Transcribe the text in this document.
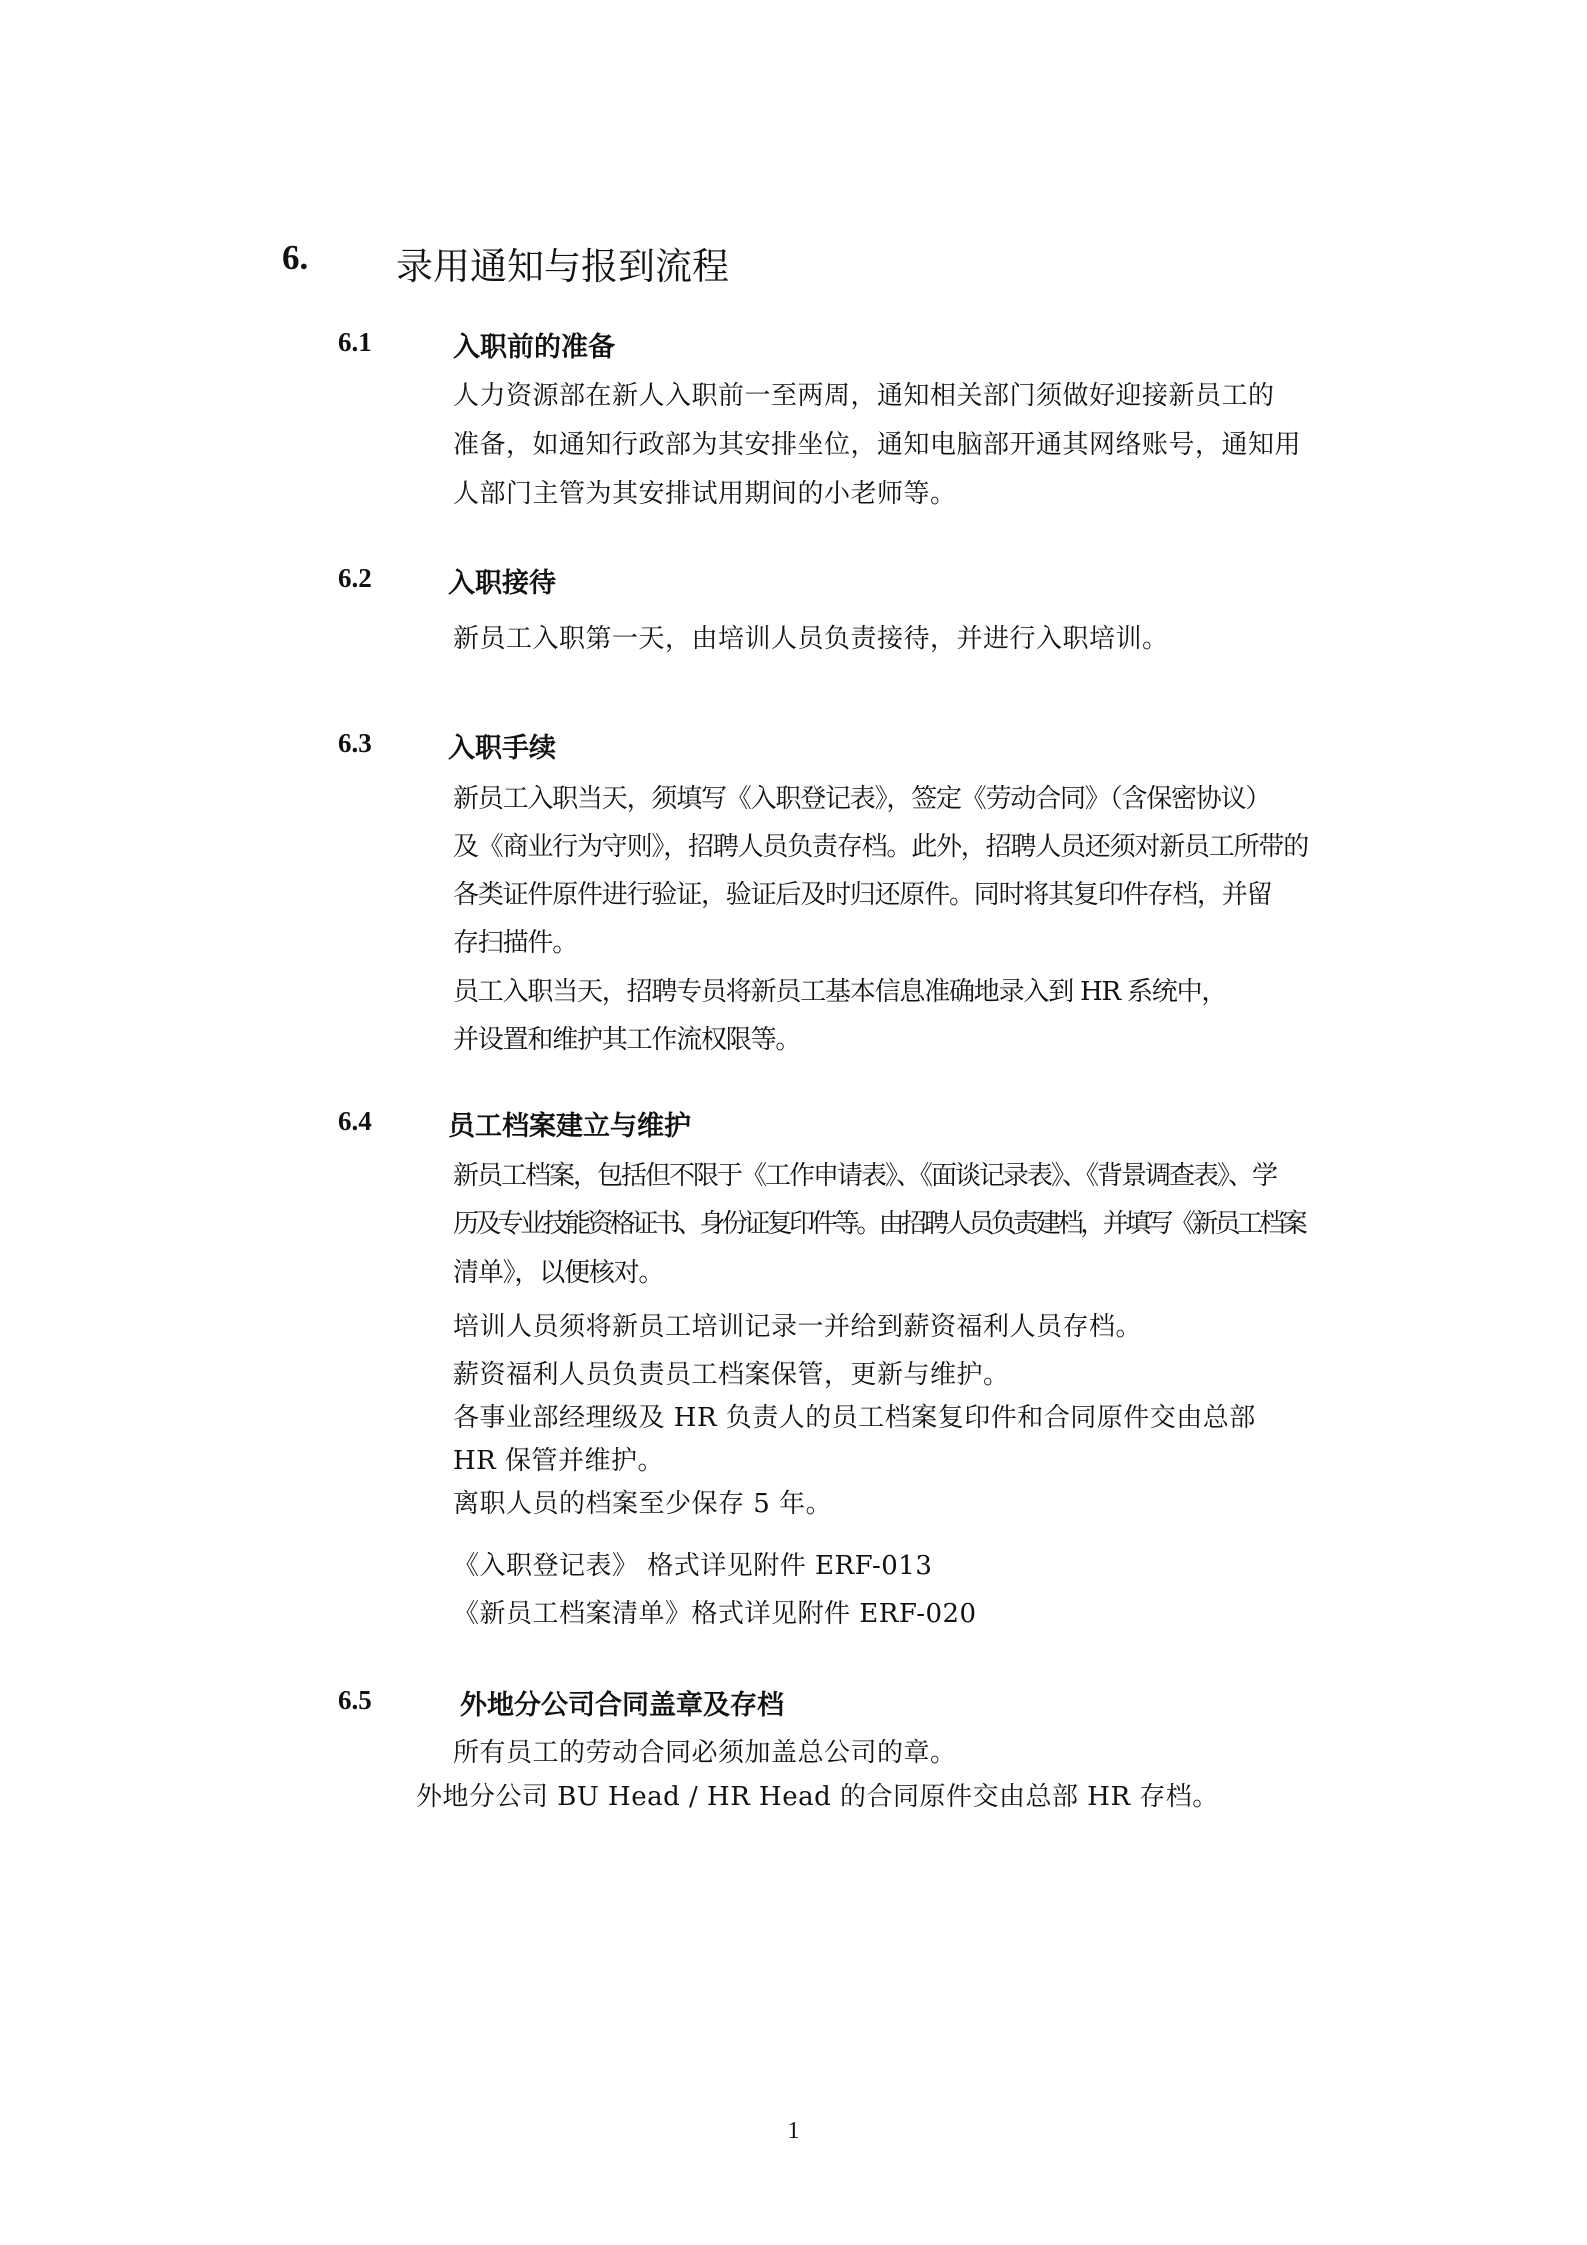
6. 录用通知与报到流程
6.1	入职前的准备
人力资源部在新人入职前一至两周，通知相关部门须做好迎接新员工的
准备，如通知行政部为其安排坐位，通知电脑部开通其网络账号，通知用
人部门主管为其安排试用期间的小老师等。
6.2	入职接待
新员工入职第一天，由培训人员负责接待，并进行入职培训。
6.3	入职手续
新员工入职当天，须填写《入职登记表》，签定《劳动合同》（含保密协议）
及《商业行为守则》，招聘人员负责存档。此外，招聘人员还须对新员工所带的
各类证件原件进行验证，验证后及时归还原件。同时将其复印件存档，并留
存扫描件。
员工入职当天，招聘专员将新员工基本信息准确地录入到 HR 系统中，
并设置和维护其工作流权限等。
6.4	员工档案建立与维护
新员工档案，包括但不限于《工作申请表》、《面谈记录表》、《背景调查表》、学
历及专业技能资格证书、身份证复印件等。由招聘人员负责建档，并填写《新员工档案
清单》，以便核对。
培训人员须将新员工培训记录一并给到薪资福利人员存档。
薪资福利人员负责员工档案保管，更新与维护。
各事业部经理级及 HR 负责人的员工档案复印件和合同原件交由总部
HR 保管并维护。
离职人员的档案至少保存 5 年。
《入职登记表》 格式详见附件 ERF-013
《新员工档案清单》格式详见附件 ERF-020
6.5	外地分公司合同盖章及存档
所有员工的劳动合同必须加盖总公司的章。
外地分公司 BU Head / HR Head 的合同原件交由总部 HR 存档。
1
